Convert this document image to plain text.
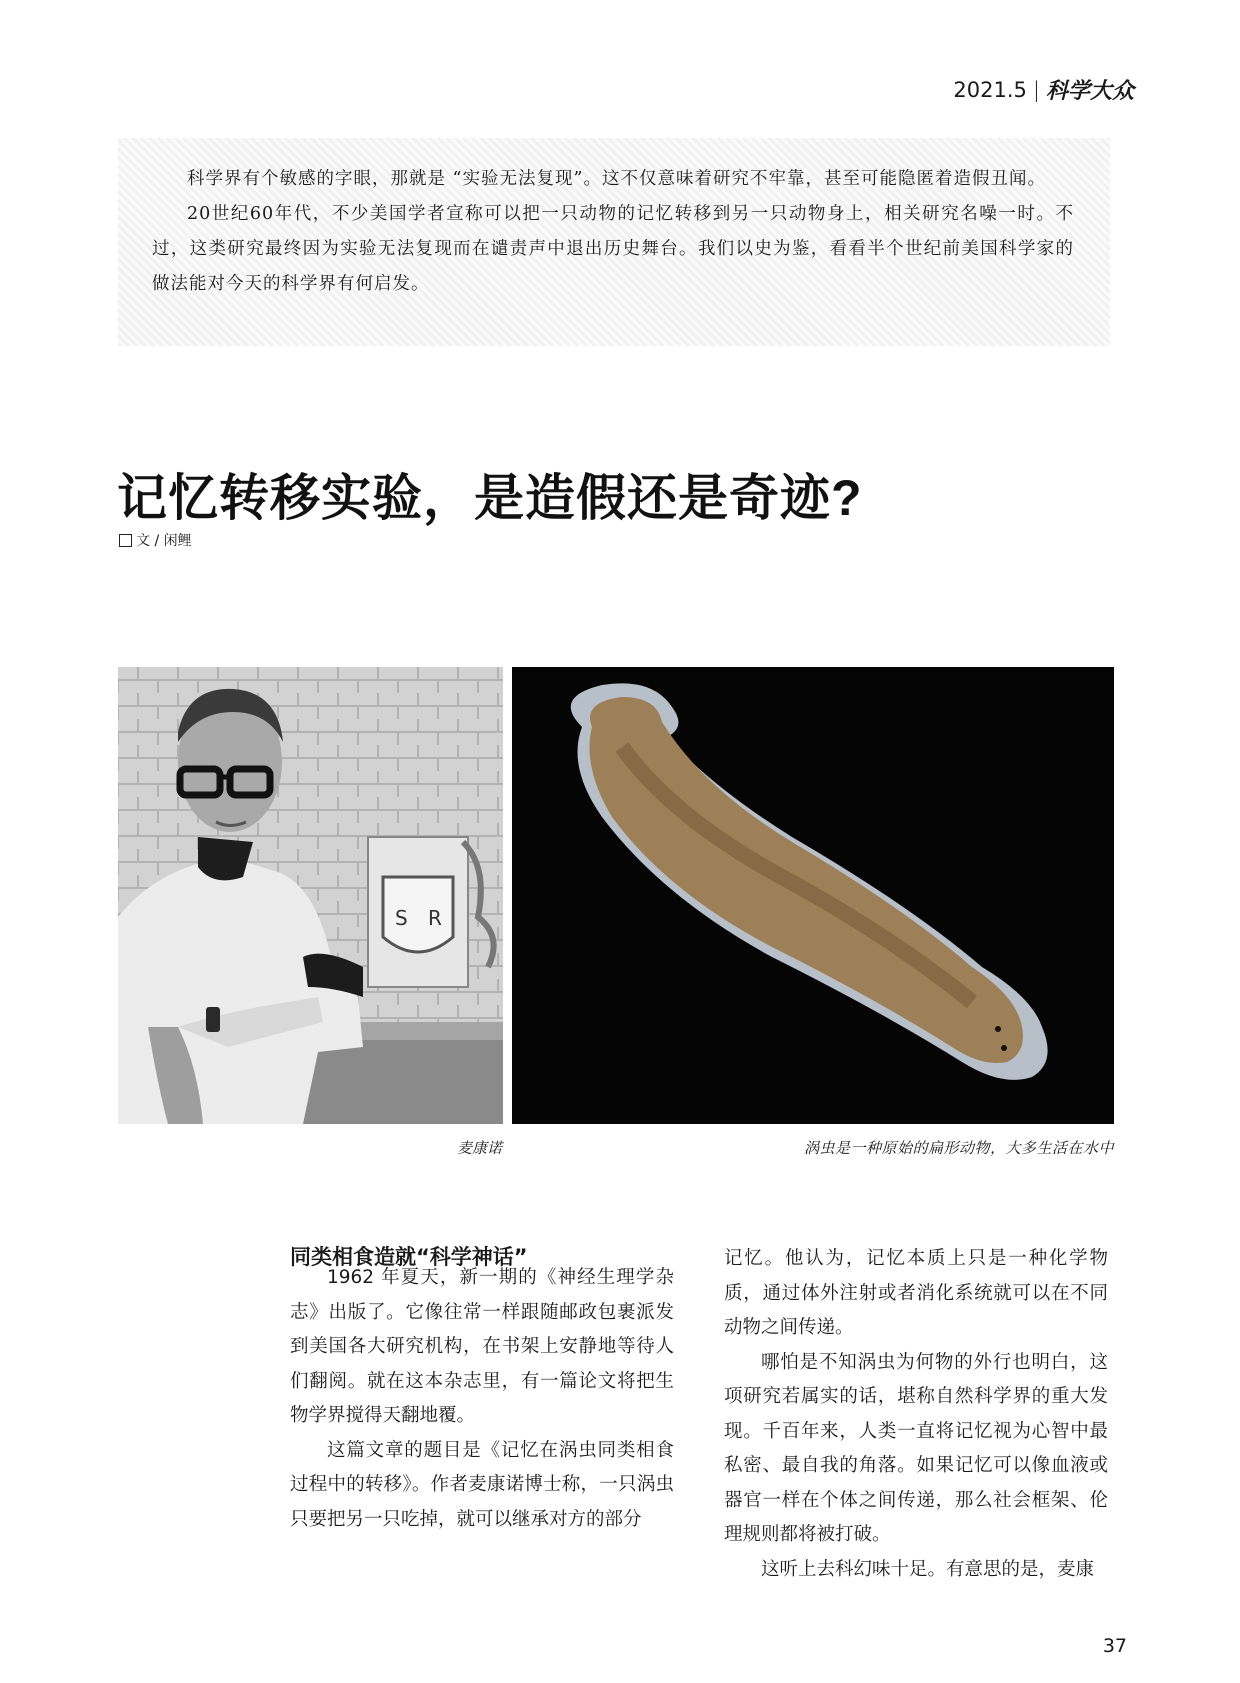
2021.5 | 科学大众

科学界有个敏感的字眼，那就是 “实验无法复现”。这不仅意味着研究不牢靠，甚至可能隐匿着造假丑闻。

20世纪60年代，不少美国学者宣称可以把一只动物的记忆转移到另一只动物身上，相关研究名噪一时。不过，这类研究最终因为实验无法复现而在谴责声中退出历史舞台。我们以史为鉴，看看半个世纪前美国科学家的做法能对今天的科学界有何启发。

记忆转移实验，是造假还是奇迹?
文 / 闲鲤
S R
麦康诺	涡虫是一种原始的扁形动物，大多生活在水中
同类相食造就“科学神话”

1962 年夏天，新一期的《神经生理学杂志》出版了。它像往常一样跟随邮政包裹派发到美国各大研究机构，在书架上安静地等待人们翻阅。就在这本杂志里，有一篇论文将把生物学界搅得天翻地覆。

这篇文章的题目是《记忆在涡虫同类相食过程中的转移》。作者麦康诺博士称，一只涡虫只要把另一只吃掉，就可以继承对方的部分

记忆。他认为，记忆本质上只是一种化学物质，通过体外注射或者消化系统就可以在不同动物之间传递。

哪怕是不知涡虫为何物的外行也明白，这项研究若属实的话，堪称自然科学界的重大发现。千百年来，人类一直将记忆视为心智中最私密、最自我的角落。如果记忆可以像血液或器官一样在个体之间传递，那么社会框架、伦理规则都将被打破。

这听上去科幻味十足。有意思的是，麦康

37
